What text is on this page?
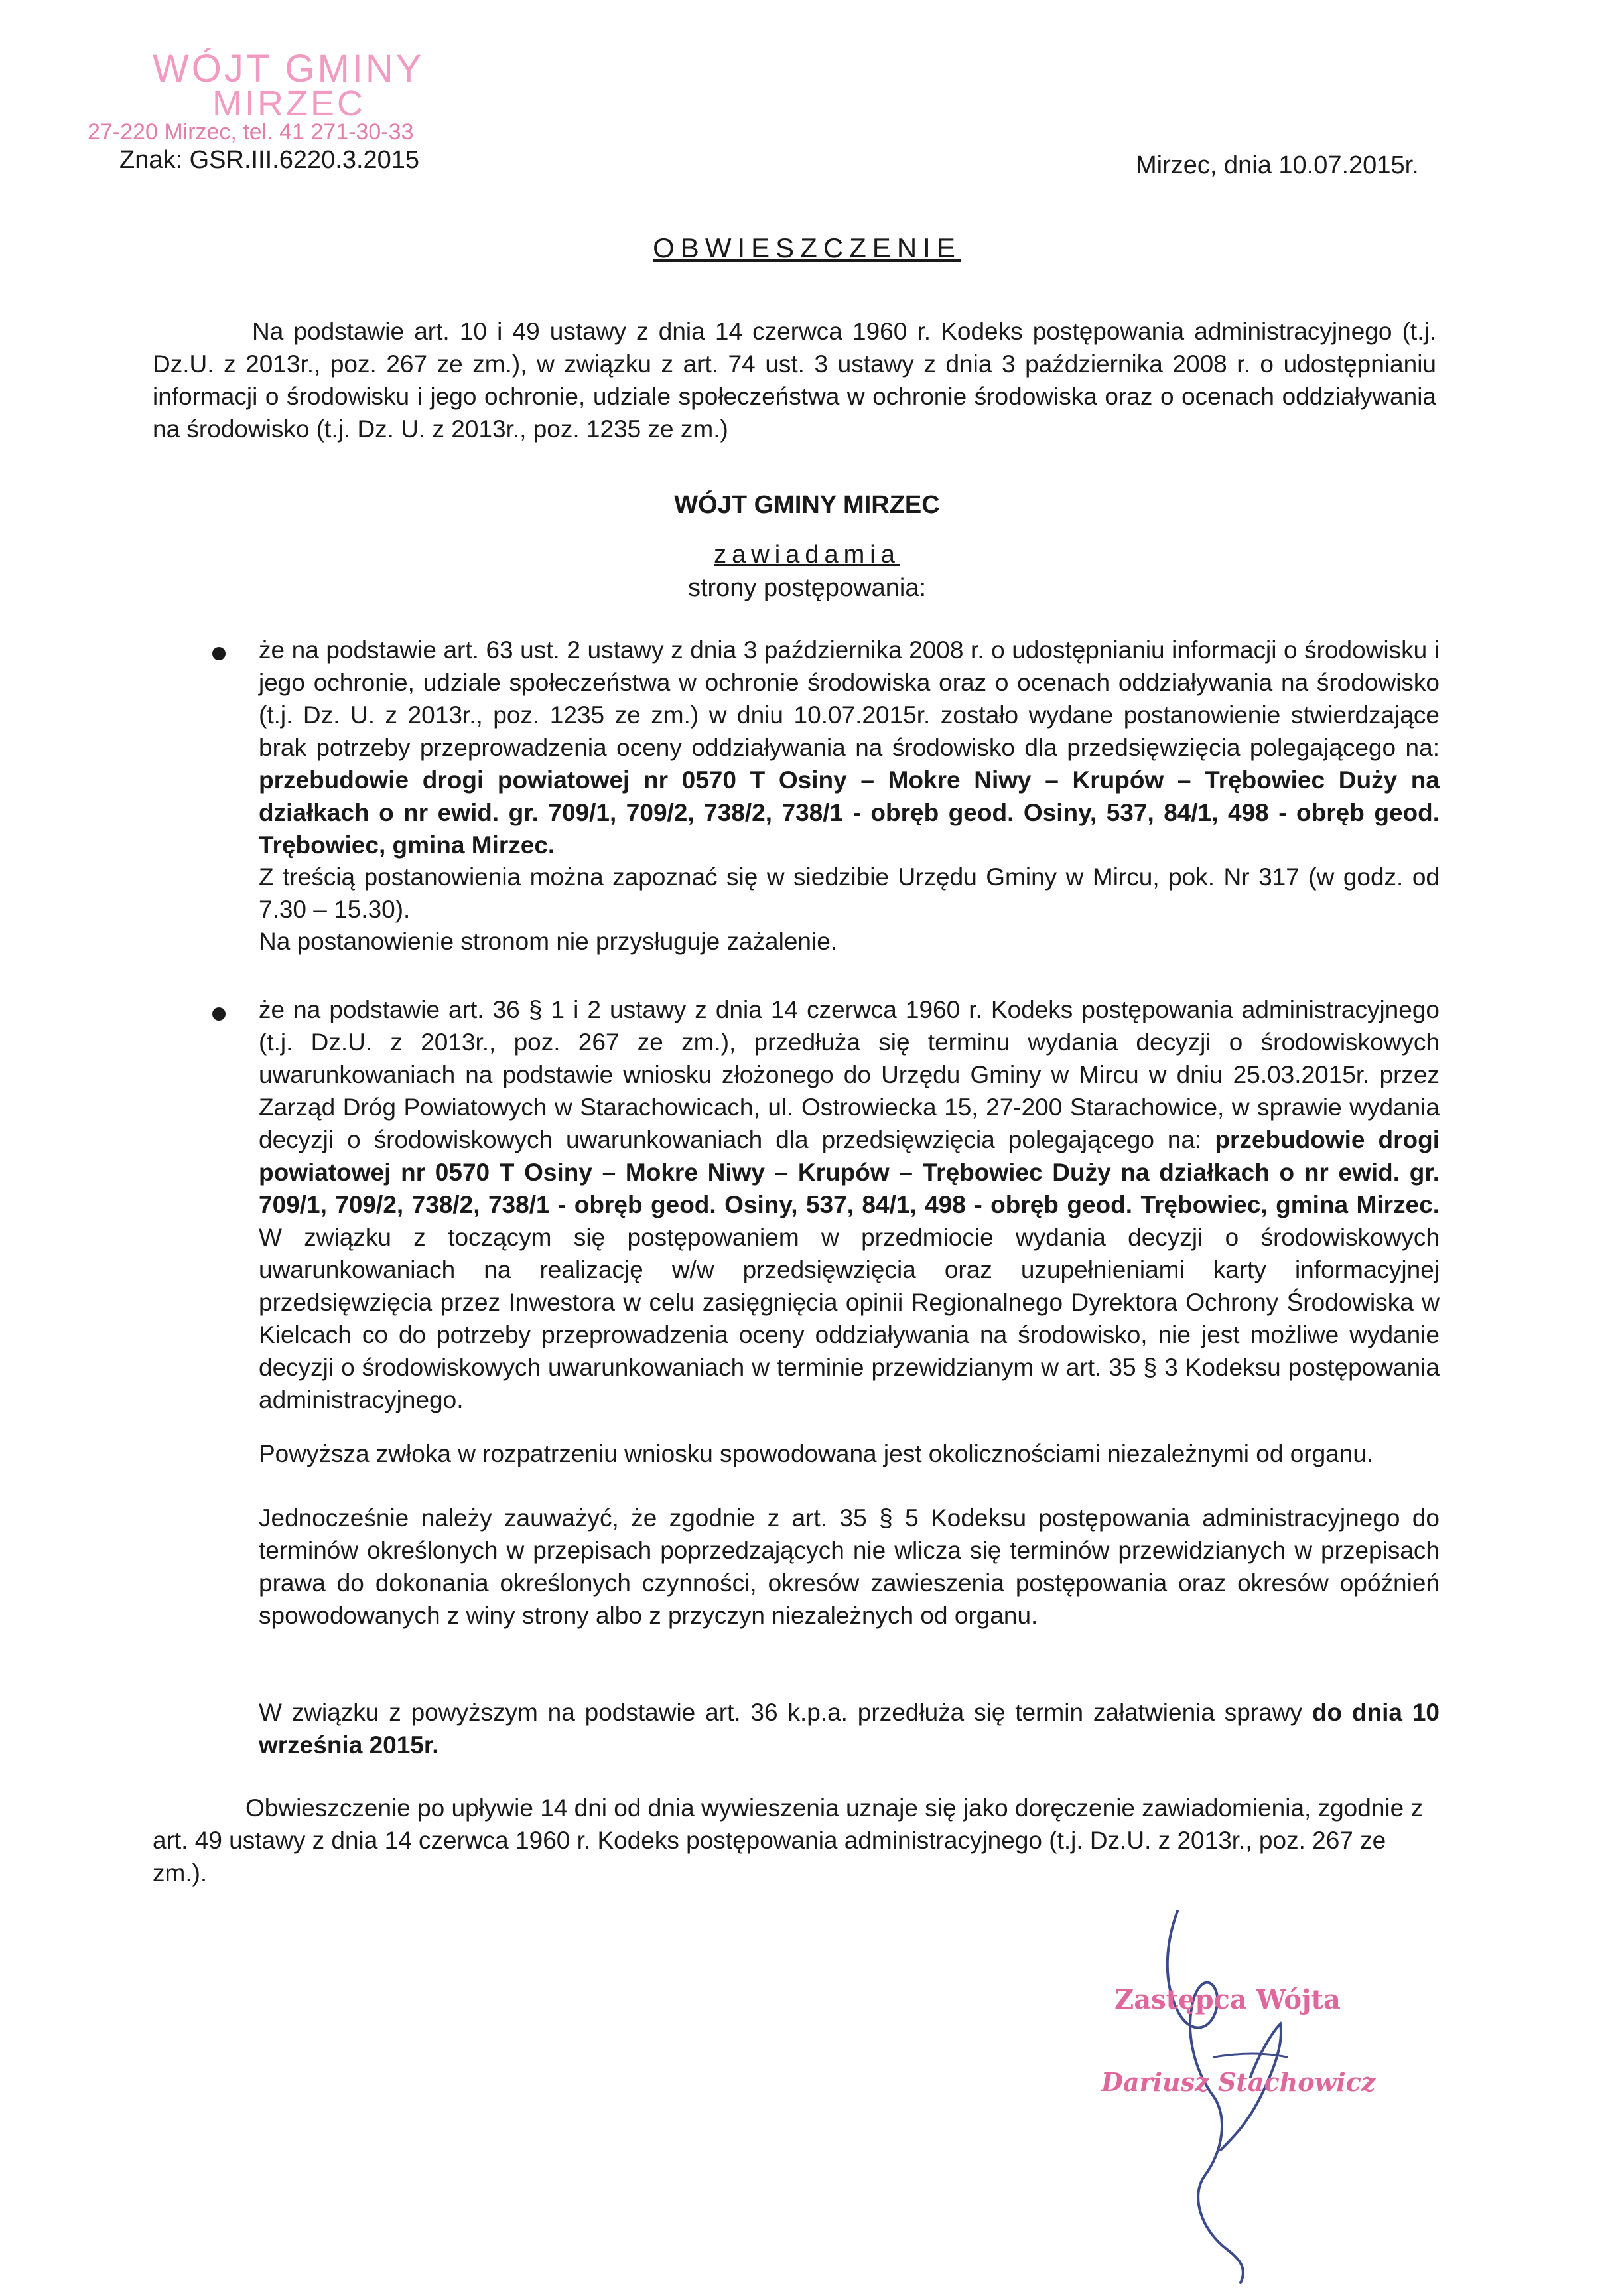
WÓJT GMINY
MIRZEC
27-220 Mirzec, tel. 41 271-30-33
Znak: GSR.III.6220.3.2015	Mirzec, dnia 10.07.2015r.
OBWIESZCZENIE
Na podstawie art. 10 i 49 ustawy z dnia 14 czerwca 1960 r. Kodeks postępowania administracyjnego (t.j. Dz.U. z 2013r., poz. 267 ze zm.), w związku z art. 74 ust. 3 ustawy z dnia 3 października 2008 r. o udostępnianiu informacji o środowisku i jego ochronie, udziale społeczeństwa w ochronie środowiska oraz o ocenach oddziaływania na środowisko (t.j. Dz. U. z 2013r., poz. 1235 ze zm.)
WÓJT GMINY MIRZEC
zawiadamia
strony postępowania:
że na podstawie art. 63 ust. 2 ustawy z dnia 3 października 2008 r. o udostępnianiu informacji o środowisku i jego ochronie, udziale społeczeństwa w ochronie środowiska oraz o ocenach oddziaływania na środowisko (t.j. Dz. U. z 2013r., poz. 1235 ze zm.) w dniu 10.07.2015r. zostało wydane postanowienie stwierdzające brak potrzeby przeprowadzenia oceny oddziaływania na środowisko dla przedsięwzięcia polegającego na: przebudowie drogi powiatowej nr 0570 T Osiny – Mokre Niwy – Krupów – Trębowiec Duży na działkach o nr ewid. gr. 709/1, 709/2, 738/2, 738/1 - obręb geod. Osiny, 537, 84/1, 498 - obręb geod. Trębowiec, gmina Mirzec.
Z treścią postanowienia można zapoznać się w siedzibie Urzędu Gminy w Mircu, pok. Nr 317 (w godz. od 7.30 – 15.30).
Na postanowienie stronom nie przysługuje zażalenie.
że na podstawie art. 36 § 1 i 2 ustawy z dnia 14 czerwca 1960 r. Kodeks postępowania administracyjnego (t.j. Dz.U. z 2013r., poz. 267 ze zm.), przedłuża się terminu wydania decyzji o środowiskowych uwarunkowaniach na podstawie wniosku złożonego do Urzędu Gminy w Mircu w dniu 25.03.2015r. przez Zarząd Dróg Powiatowych w Starachowicach, ul. Ostrowiecka 15, 27-200 Starachowice, w sprawie wydania decyzji o środowiskowych uwarunkowaniach dla przedsięwzięcia polegającego na: przebudowie drogi powiatowej nr 0570 T Osiny – Mokre Niwy – Krupów – Trębowiec Duży na działkach o nr ewid. gr. 709/1, 709/2, 738/2, 738/1 - obręb geod. Osiny, 537, 84/1, 498 - obręb geod. Trębowiec, gmina Mirzec. W związku z toczącym się postępowaniem w przedmiocie wydania decyzji o środowiskowych uwarunkowaniach na realizację w/w przedsięwzięcia oraz uzupełnieniami karty informacyjnej przedsięwzięcia przez Inwestora w celu zasięgnięcia opinii Regionalnego Dyrektora Ochrony Środowiska w Kielcach co do potrzeby przeprowadzenia oceny oddziaływania na środowisko, nie jest możliwe wydanie decyzji o środowiskowych uwarunkowaniach w terminie przewidzianym w art. 35 § 3 Kodeksu postępowania administracyjnego.
Powyższa zwłoka w rozpatrzeniu wniosku spowodowana jest okolicznościami niezależnymi od organu.
Jednocześnie należy zauważyć, że zgodnie z art. 35 § 5 Kodeksu postępowania administracyjnego do terminów określonych w przepisach poprzedzających nie wlicza się terminów przewidzianych w przepisach prawa do dokonania określonych czynności, okresów zawieszenia postępowania oraz okresów opóźnień spowodowanych z winy strony albo z przyczyn niezależnych od organu.
W związku z powyższym na podstawie art. 36 k.p.a. przedłuża się termin załatwienia sprawy do dnia 10 września 2015r.
Obwieszczenie po upływie 14 dni od dnia wywieszenia uznaje się jako doręczenie zawiadomienia, zgodnie z art. 49 ustawy z dnia 14 czerwca 1960 r. Kodeks postępowania administracyjnego (t.j. Dz.U. z 2013r., poz. 267 ze zm.).
Zastępca Wójta
Dariusz Stachowicz
